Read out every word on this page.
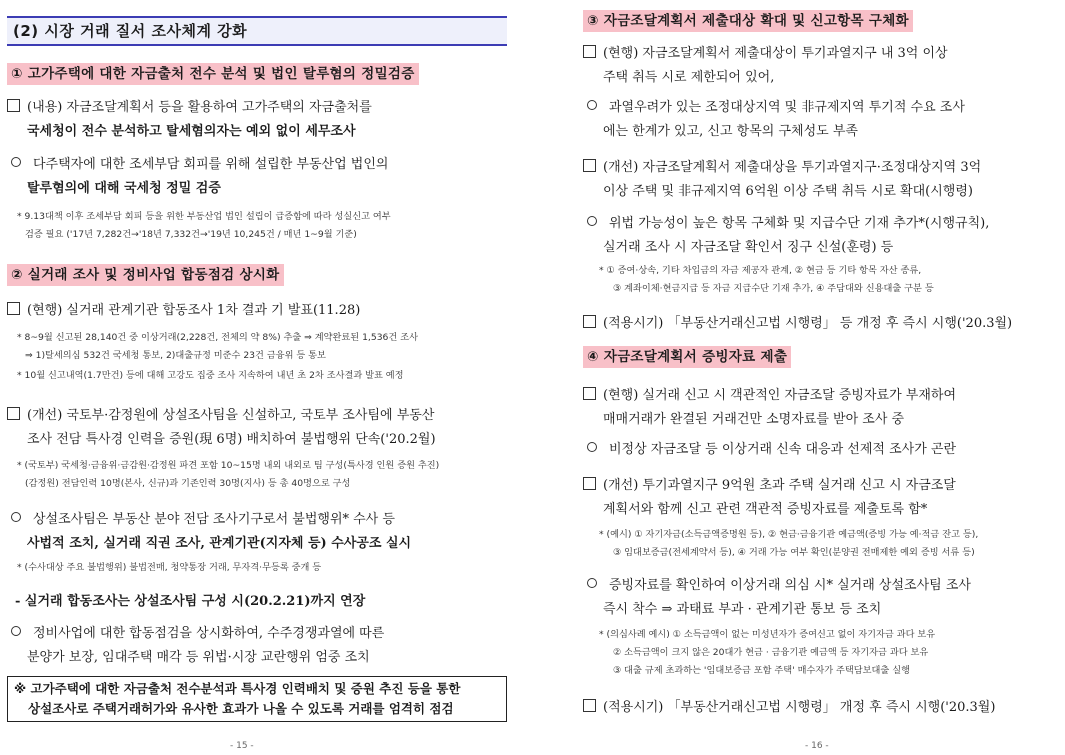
(2) 시장 거래 질서 조사체계 강화
① 고가주택에 대한 자금출처 전수 분석 및 법인 탈루혐의 정밀검증
(내용) 자금조달계획서 등을 활용하여 고가주택의 자금출처를
국세청이 전수 분석하고 탈세혐의자는 예외 없이 세무조사
다주택자에 대한 조세부담 회피를 위해 설립한 부동산업 법인의
탈루혐의에 대해 국세청 정밀 검증
* 9.13대책 이후 조세부담 회피 등을 위한 부동산업 법인 설립이 급증함에 따라 성실신고 여부
검증 필요 ('17년 7,282건→'18년 7,332건→'19년 10,245건 / 매년 1~9월 기준)
② 실거래 조사 및 정비사업 합동점검 상시화
(현행) 실거래 관계기관 합동조사 1차 결과 기 발표(11.28)
* 8~9월 신고된 28,140건 중 이상거래(2,228건, 전체의 약 8%) 추출 ⇒ 계약완료된 1,536건 조사
⇒ 1)탈세의심 532건 국세청 통보, 2)대출규정 미준수 23건 금융위 등 통보
* 10월 신고내역(1.7만건) 등에 대해 고강도 집중 조사 지속하여 내년 초 2차 조사결과 발표 예정
(개선) 국토부·감정원에 상설조사팀을 신설하고, 국토부 조사팀에 부동산
조사 전담 특사경 인력을 증원(現 6명) 배치하여 불법행위 단속('20.2월)
* (국토부) 국세청·금융위·금감원·감정원 파견 포함 10~15명 내외 내외로 팀 구성(특사경 인원 증원 추진)
(감정원) 전담인력 10명(본사, 신규)과 기존인력 30명(지사) 등 총 40명으로 구성
상설조사팀은 부동산 분야 전담 조사기구로서 불법행위* 수사 등
사법적 조치, 실거래 직권 조사, 관계기관(지자체 등) 수사공조 실시
* (수사대상 주요 불법행위) 불법전매, 청약통장 거래, 무자격·무등록 중개 등
- 실거래 합동조사는 상설조사팀 구성 시(20.2.21)까지 연장
정비사업에 대한 합동점검을 상시화하여, 수주경쟁과열에 따른
분양가 보장, 임대주택 매각 등 위법·시장 교란행위 엄중 조치
※ 고가주택에 대한 자금출처 전수분석과 특사경 인력배치 및 증원 추진 등을 통한
상설조사로 주택거래허가와 유사한 효과가 나올 수 있도록 거래를 엄격히 점검
- 15 -
③ 자금조달계획서 제출대상 확대 및 신고항목 구체화
(현행) 자금조달계획서 제출대상이 투기과열지구 내 3억 이상
주택 취득 시로 제한되어 있어,
과열우려가 있는 조정대상지역 및 非규제지역 투기적 수요 조사
에는 한계가 있고, 신고 항목의 구체성도 부족
(개선) 자금조달계획서 제출대상을 투기과열지구·조정대상지역 3억
이상 주택 및 非규제지역 6억원 이상 주택 취득 시로 확대(시행령)
위법 가능성이 높은 항목 구체화 및 지급수단 기재 추가*(시행규칙),
실거래 조사 시 자금조달 확인서 징구 신설(훈령) 등
* ① 증여·상속, 기타 차입금의 자금 제공자 관계, ② 현금 등 기타 항목 자산 종류,
③ 계좌이체·현금지급 등 자금 지급수단 기재 추가, ④ 주담대와 신용대출 구분 등
(적용시기) 「부동산거래신고법 시행령」 등 개정 후 즉시 시행('20.3월)
④ 자금조달계획서 증빙자료 제출
(현행) 실거래 신고 시 객관적인 자금조달 증빙자료가 부재하여
매매거래가 완결된 거래건만 소명자료를 받아 조사 중
비정상 자금조달 등 이상거래 신속 대응과 선제적 조사가 곤란
(개선) 투기과열지구 9억원 초과 주택 실거래 신고 시 자금조달
계획서와 함께 신고 관련 객관적 증빙자료를 제출토록 함*
* (예시) ① 자기자금(소득금액증명원 등), ② 현금·금융기관 예금액(증빙 가능 예·적금 잔고 등),
③ 임대보증금(전세계약서 등), ④ 거래 가능 여부 확인(분양권 전매제한 예외 증빙 서류 등)
증빙자료를 확인하여 이상거래 의심 시* 실거래 상설조사팀 조사
즉시 착수 ⇒ 과태료 부과 · 관계기관 통보 등 조치
* (의심사례 예시) ① 소득금액이 없는 미성년자가 증여신고 없이 자기자금 과다 보유
② 소득금액이 크지 않은 20대가 현금 · 금융기관 예금액 등 자기자금 과다 보유
③ 대출 규제 초과하는 '임대보증금 포함 주택' 매수자가 주택담보대출 실행
(적용시기) 「부동산거래신고법 시행령」 개정 후 즉시 시행('20.3월)
- 16 -
